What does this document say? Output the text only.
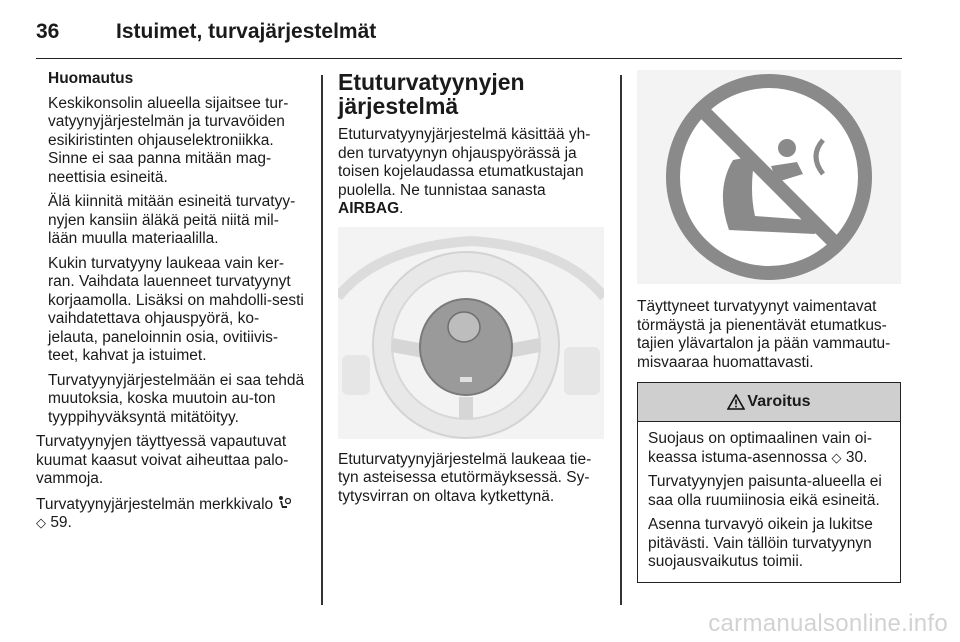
36	Istuimet, turvajärjestelmät

Huomautus

Keskikonsolin alueella sijaitsee tur-vatyynyjärjestelmän ja turvavöiden esikiristinten ohjauselektroniikka. Sinne ei saa panna mitään mag-neettisia esineitä.

Älä kiinnitä mitään esineitä turvatyy-nyjen kansiin äläkä peitä niitä mil-lään muulla materiaalilla.

Kukin turvatyyny laukeaa vain ker-ran. Vaihdata lauenneet turvatyynyt korjaamolla. Lisäksi on mahdolli-sesti vaihdatettava ohjauspyörä, ko-jelauta, paneloinnin osia, ovitiivis-teet, kahvat ja istuimet.

Turvatyynyjärjestelmään ei saa tehdä muutoksia, koska muutoin au-ton tyyppihyväksyntä mitätöityy.

Turvatyynyjen täyttyessä vapautuvat kuumat kaasut voivat aiheuttaa palo-vammoja.

Turvatyynyjärjestelmän merkkivalo
◇ 59.

Etuturvatyynyjen järjestelmä

Etuturvatyynyjärjestelmä käsittää yh-den turvatyynyn ohjauspyörässä ja toisen kojelaudassa etumatkustajan puolella. Ne tunnistaa sanasta AIRBAG.

Etuturvatyynyjärjestelmä laukeaa tie-tyn asteisessa etutörmäyksessä. Sy-tytysvirran on oltava kytkettynä.

Täyttyneet turvatyynyt vaimentavat törmäystä ja pienentävät etumatkus-tajien ylävartalon ja pään vammautu-misvaaraa huomattavasti.

Varoitus

Suojaus on optimaalinen vain oi-keassa istuma-asennossa ◇ 30.

Turvatyynyjen paisunta-alueella ei saa olla ruumiinosia eikä esineitä.

Asenna turvavyö oikein ja lukitse pitävästi. Vain tällöin turvatyynyn suojausvaikutus toimii.

carmanualsonline.info
